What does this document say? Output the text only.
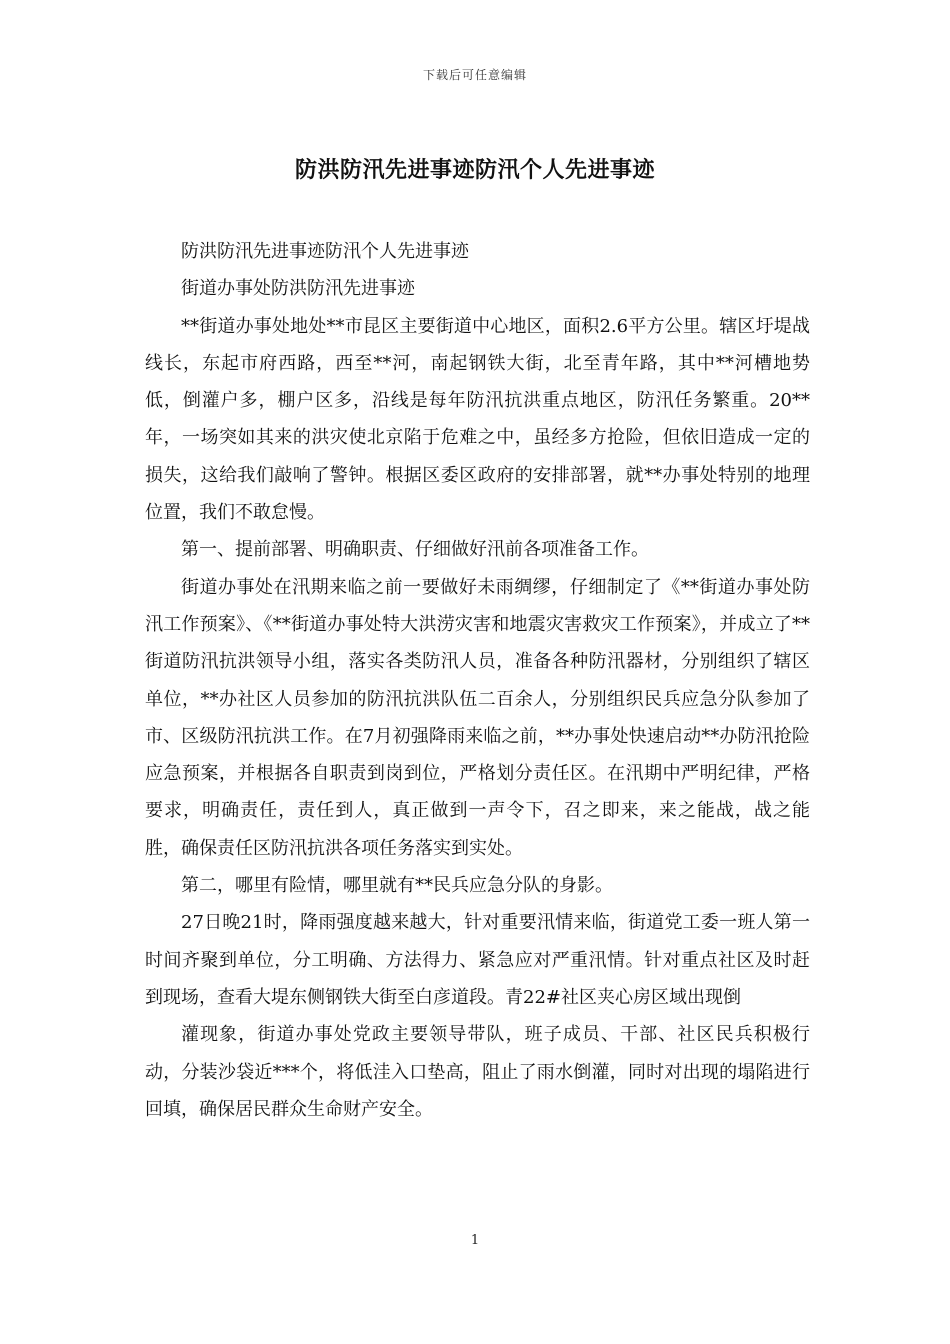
下载后可任意编辑
防洪防汛先进事迹防汛个人先进事迹

防洪防汛先进事迹防汛个人先进事迹

街道办事处防洪防汛先进事迹

**街道办事处地处**市昆区主要街道中心地区，面积2.6平方公里。辖区圩堤战线长，东起市府西路，西至**河，南起钢铁大街，北至青年路，其中**河槽地势低，倒灌户多，棚户区多，沿线是每年防汛抗洪重点地区，防汛任务繁重。20**年，一场突如其来的洪灾使北京陷于危难之中，虽经多方抢险，但依旧造成一定的损失，这给我们敲响了警钟。根据区委区政府的安排部署，就**办事处特别的地理位置，我们不敢怠慢。

第一、提前部署、明确职责、仔细做好汛前各项准备工作。

街道办事处在汛期来临之前一要做好未雨绸缪，仔细制定了《**街道办事处防汛工作预案》、《**街道办事处特大洪涝灾害和地震灾害救灾工作预案》，并成立了**街道防汛抗洪领导小组，落实各类防汛人员，准备各种防汛器材，分别组织了辖区单位，**办社区人员参加的防汛抗洪队伍二百余人，分别组织民兵应急分队参加了市、区级防汛抗洪工作。在7月初强降雨来临之前，**办事处快速启动**办防汛抢险应急预案，并根据各自职责到岗到位，严格划分责任区。在汛期中严明纪律，严格要求，明确责任，责任到人，真正做到一声令下，召之即来，来之能战，战之能胜，确保责任区防汛抗洪各项任务落实到实处。

第二，哪里有险情，哪里就有**民兵应急分队的身影。

27日晚21时，降雨强度越来越大，针对重要汛情来临，街道党工委一班人第一时间齐聚到单位，分工明确、方法得力、紧急应对严重汛情。针对重点社区及时赶到现场，查看大堤东侧钢铁大街至白彦道段。青22#社区夹心房区域出现倒

灌现象，街道办事处党政主要领导带队，班子成员、干部、社区民兵积极行动，分装沙袋近***个，将低洼入口垫高，阻止了雨水倒灌，同时对出现的塌陷进行回填，确保居民群众生命财产安全。

1
